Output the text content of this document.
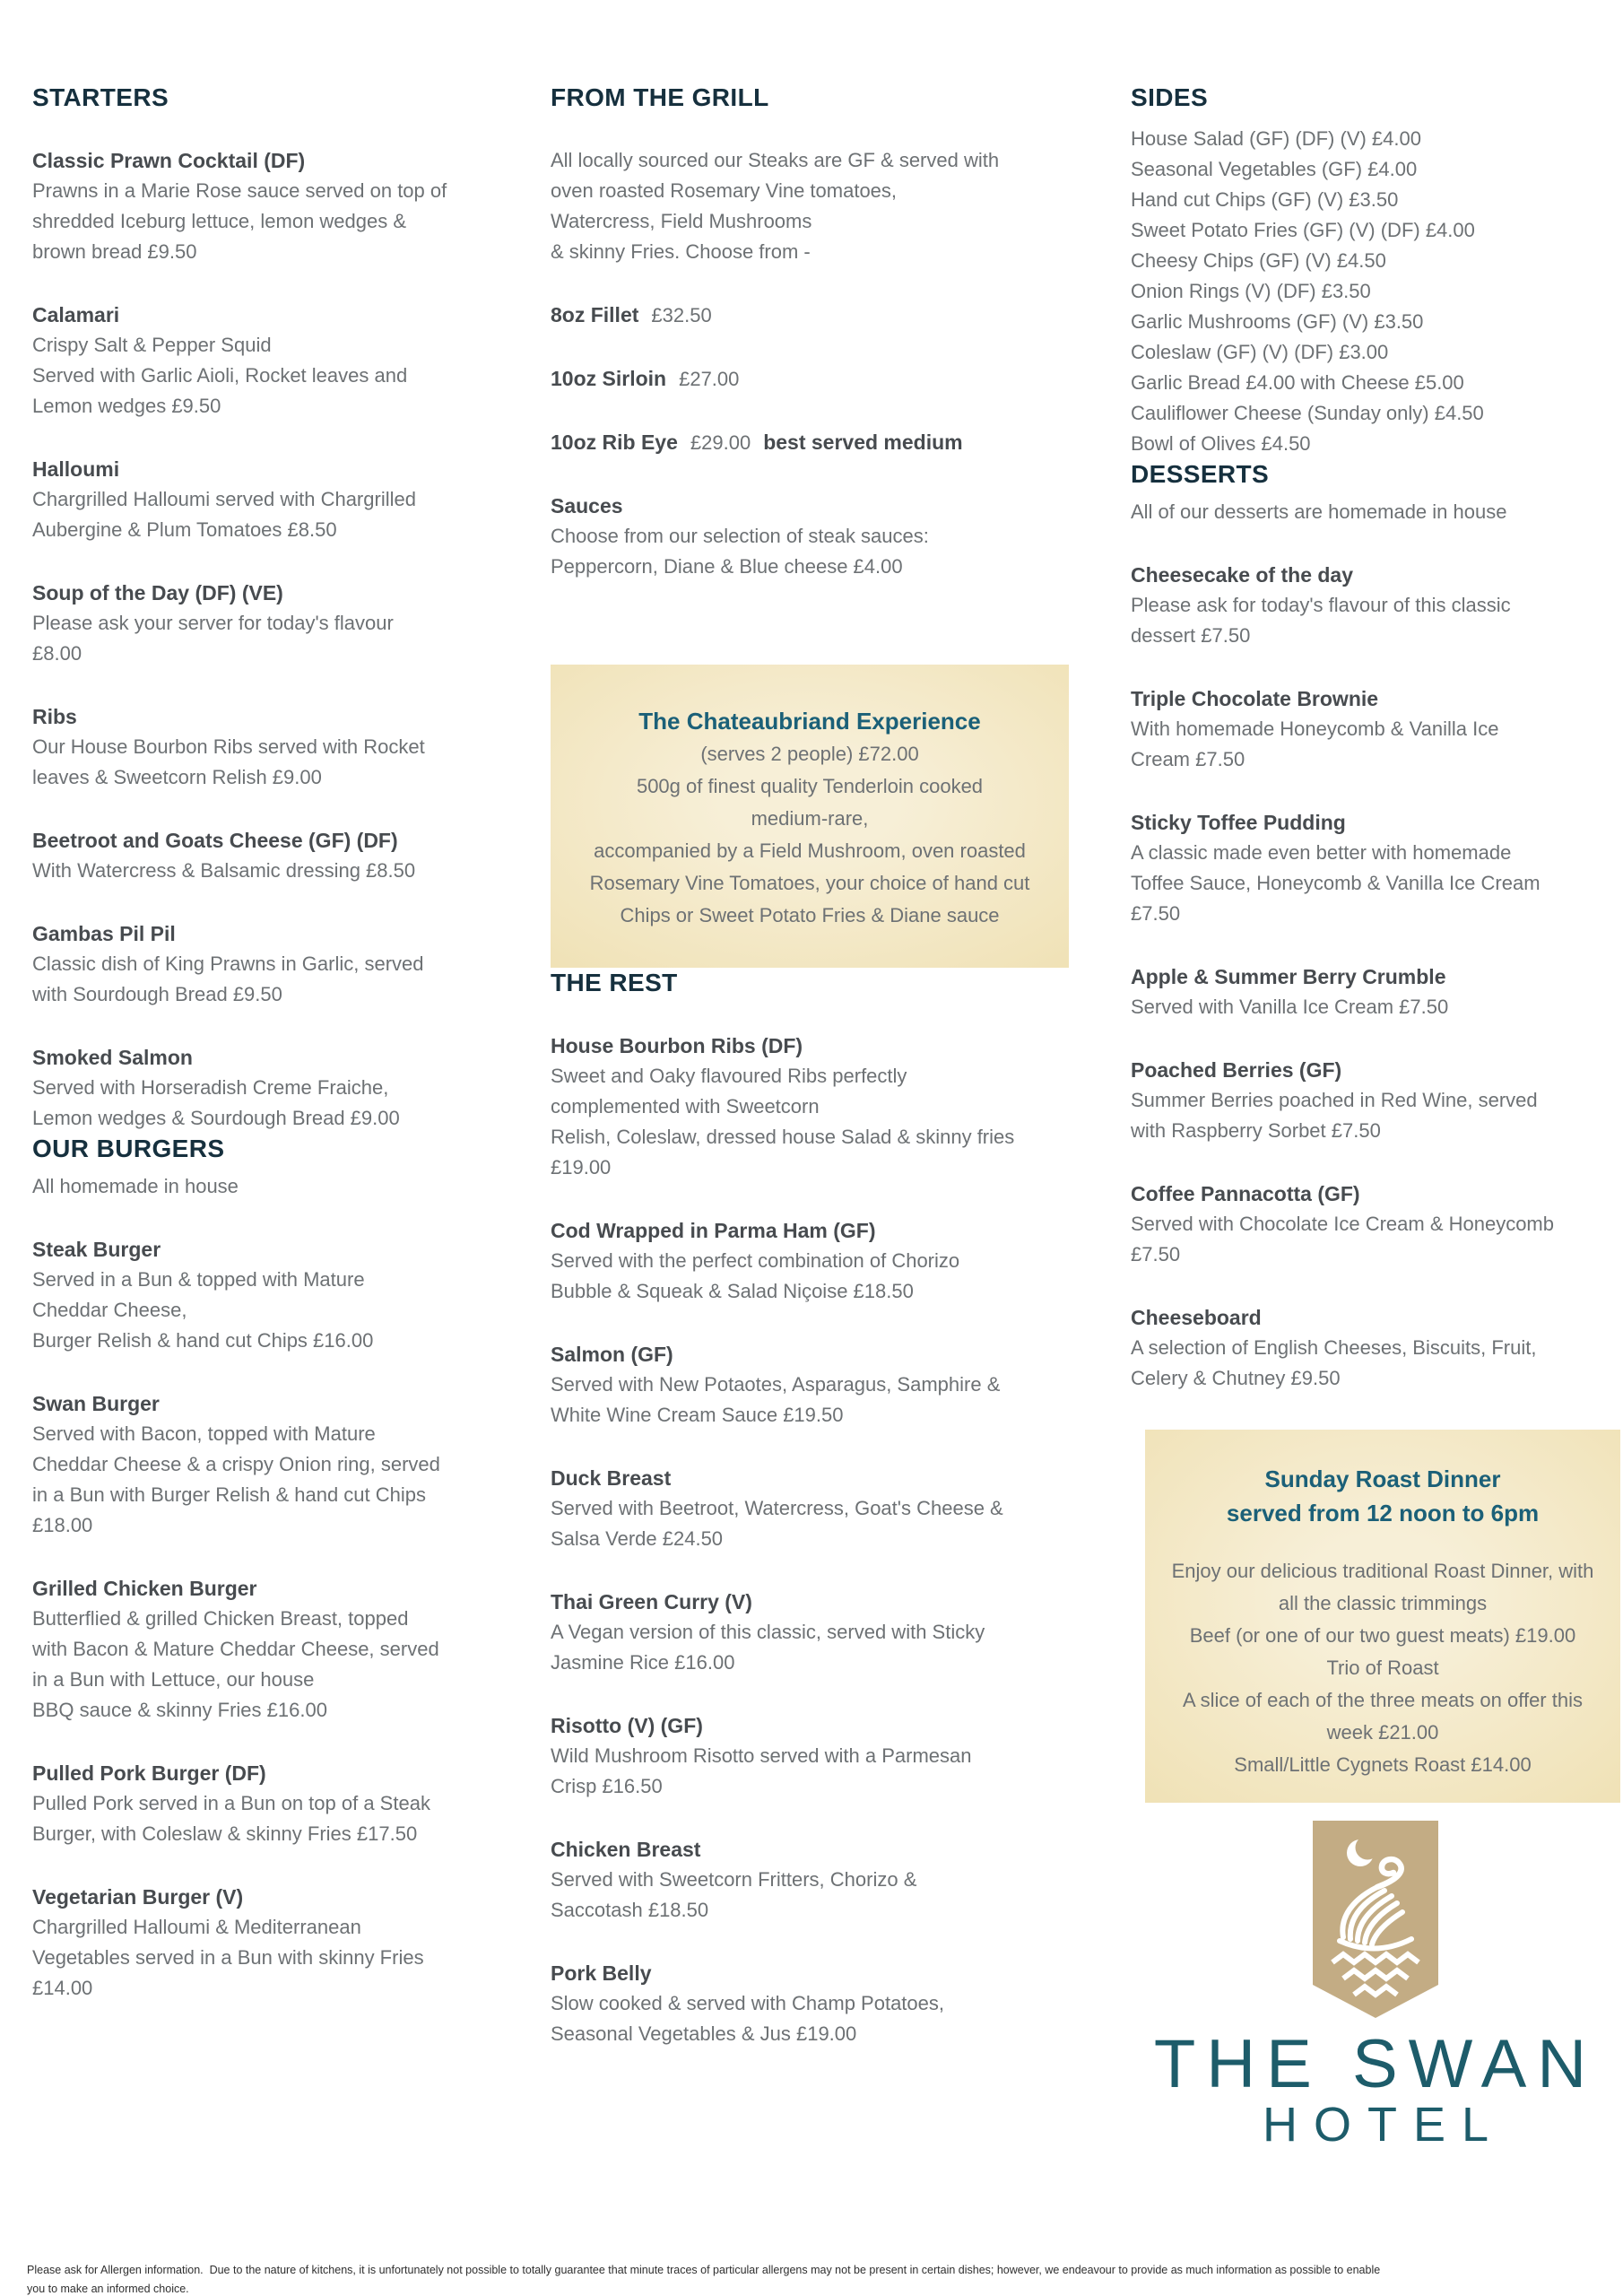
STARTERS
Classic Prawn Cocktail (DF)
Prawns in a Marie Rose sauce served on top of
shredded Iceburg lettuce, lemon wedges &
brown bread £9.50
Calamari
Crispy Salt & Pepper Squid
Served with Garlic Aioli, Rocket leaves and
Lemon wedges £9.50
Halloumi
Chargrilled Halloumi served with Chargrilled
Aubergine & Plum Tomatoes £8.50
Soup of the Day (DF) (VE)
Please ask your server for today's flavour
£8.00
Ribs
Our House Bourbon Ribs served with Rocket
leaves & Sweetcorn Relish £9.00
Beetroot and Goats Cheese (GF) (DF)
With Watercress & Balsamic dressing £8.50
Gambas Pil Pil
Classic dish of King Prawns in Garlic, served
with Sourdough Bread £9.50
Smoked Salmon
Served with Horseradish Creme Fraiche,
Lemon wedges & Sourdough Bread £9.00
OUR BURGERS
All homemade in house
Steak Burger
Served in a Bun & topped with Mature
Cheddar Cheese,
Burger Relish & hand cut Chips £16.00
Swan Burger
Served with Bacon, topped with Mature
Cheddar Cheese & a crispy Onion ring, served
in a Bun with Burger Relish & hand cut Chips
£18.00
Grilled Chicken Burger
Butterflied & grilled Chicken Breast, topped
with Bacon & Mature Cheddar Cheese, served
in a Bun with Lettuce, our house
BBQ sauce & skinny Fries £16.00
Pulled Pork Burger (DF)
Pulled Pork served in a Bun on top of a Steak
Burger, with Coleslaw & skinny Fries £17.50
Vegetarian Burger (V)
Chargrilled Halloumi & Mediterranean
Vegetables served in a Bun with skinny Fries
£14.00
FROM THE GRILL
All locally sourced our Steaks are GF & served with
oven roasted Rosemary Vine tomatoes,
Watercress, Field Mushrooms
& skinny Fries. Choose from -
8oz Fillet £32.50
10oz Sirloin £27.00
10oz Rib Eye £29.00 best served medium
Sauces
Choose from our selection of steak sauces:
Peppercorn, Diane & Blue cheese £4.00
The Chateaubriand Experience
(serves 2 people) £72.00
500g of finest quality Tenderloin cooked
medium-rare,
accompanied by a Field Mushroom, oven roasted
Rosemary Vine Tomatoes, your choice of hand cut
Chips or Sweet Potato Fries & Diane sauce
THE REST
House Bourbon Ribs (DF)
Sweet and Oaky flavoured Ribs perfectly
complemented with Sweetcorn
Relish, Coleslaw, dressed house Salad & skinny fries
£19.00
Cod Wrapped in Parma Ham (GF)
Served with the perfect combination of Chorizo
Bubble & Squeak & Salad Niçoise £18.50
Salmon (GF)
Served with New Potaotes, Asparagus, Samphire &
White Wine Cream Sauce £19.50
Duck Breast
Served with Beetroot, Watercress, Goat's Cheese &
Salsa Verde £24.50
Thai Green Curry (V)
A Vegan version of this classic, served with Sticky
Jasmine Rice £16.00
Risotto (V) (GF)
Wild Mushroom Risotto served with a Parmesan
Crisp £16.50
Chicken Breast
Served with Sweetcorn Fritters, Chorizo &
Saccotash £18.50
Pork Belly
Slow cooked & served with Champ Potatoes,
Seasonal Vegetables & Jus £19.00
SIDES
House Salad (GF) (DF) (V) £4.00
Seasonal Vegetables (GF) £4.00
Hand cut Chips (GF) (V) £3.50
Sweet Potato Fries (GF) (V) (DF) £4.00
Cheesy Chips (GF) (V) £4.50
Onion Rings (V) (DF) £3.50
Garlic Mushrooms (GF) (V) £3.50
Coleslaw (GF) (V) (DF) £3.00
Garlic Bread £4.00 with Cheese £5.00
Cauliflower Cheese (Sunday only) £4.50
Bowl of Olives £4.50
DESSERTS
All of our desserts are homemade in house
Cheesecake of the day
Please ask for today's flavour of this classic
dessert £7.50
Triple Chocolate Brownie
With homemade Honeycomb & Vanilla Ice
Cream £7.50
Sticky Toffee Pudding
A classic made even better with homemade
Toffee Sauce, Honeycomb & Vanilla Ice Cream
£7.50
Apple & Summer Berry Crumble
Served with Vanilla Ice Cream £7.50
Poached Berries (GF)
Summer Berries poached in Red Wine, served
with Raspberry Sorbet £7.50
Coffee Pannacotta (GF)
Served with Chocolate Ice Cream & Honeycomb
£7.50
Cheeseboard
A selection of English Cheeses, Biscuits, Fruit,
Celery & Chutney £9.50
Sunday Roast Dinner
served from 12 noon to 6pm
Enjoy our delicious traditional Roast Dinner, with
all the classic trimmings
Beef (or one of our two guest meats) £19.00
Trio of Roast
A slice of each of the three meats on offer this
week £21.00
Small/Little Cygnets Roast £14.00
THE SWAN
HOTEL
Please ask for Allergen information.  Due to the nature of kitchens, it is unfortunately not possible to totally guarantee that minute traces of particular allergens may not be present in certain dishes; however, we endeavour to provide as much information as possible to enable
you to make an informed choice.
